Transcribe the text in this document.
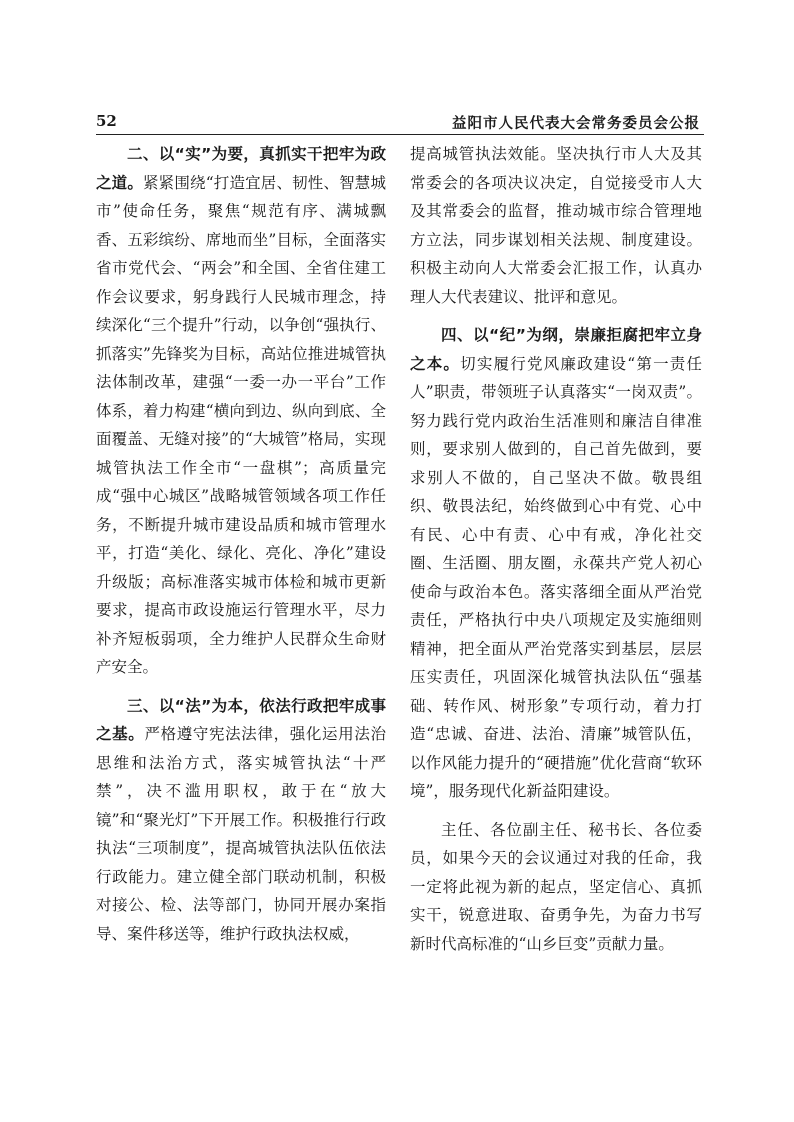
52	益阳市人民代表大会常务委员会公报

二、以“实”为要，真抓实干把牢为政之道。紧紧围绕“打造宜居、韧性、智慧城市”使命任务，聚焦“规范有序、满城飘香、五彩缤纷、席地而坐”目标，全面落实省市党代会、“两会”和全国、全省住建工作会议要求，躬身践行人民城市理念，持续深化“三个提升”行动，以争创“强执行、抓落实”先锋奖为目标，高站位推进城管执法体制改革，建强“一委一办一平台”工作体系，着力构建“横向到边、纵向到底、全面覆盖、无缝对接”的“大城管”格局，实现城管执法工作全市“一盘棋”；高质量完成“强中心城区”战略城管领域各项工作任务，不断提升城市建设品质和城市管理水平，打造“美化、绿化、亮化、净化”建设升级版；高标准落实城市体检和城市更新要求，提高市政设施运行管理水平，尽力补齐短板弱项，全力维护人民群众生命财产安全。

三、以“法”为本，依法行政把牢成事之基。严格遵守宪法法律，强化运用法治思维和法治方式，落实城管执法“十严禁”，决不滥用职权，敢于在“放大镜”和“聚光灯”下开展工作。积极推行行政执法“三项制度”，提高城管执法队伍依法行政能力。建立健全部门联动机制，积极对接公、检、法等部门，协同开展办案指导、案件移送等，维护行政执法权威，

提高城管执法效能。坚决执行市人大及其常委会的各项决议决定，自觉接受市人大及其常委会的监督，推动城市综合管理地方立法，同步谋划相关法规、制度建设。积极主动向人大常委会汇报工作，认真办理人大代表建议、批评和意见。

四、以“纪”为纲，崇廉拒腐把牢立身之本。切实履行党风廉政建设“第一责任人”职责，带领班子认真落实“一岗双责”。努力践行党内政治生活准则和廉洁自律准则，要求别人做到的，自己首先做到，要求别人不做的，自己坚决不做。敬畏组织、敬畏法纪，始终做到心中有党、心中有民、心中有责、心中有戒，净化社交圈、生活圈、朋友圈，永葆共产党人初心使命与政治本色。落实落细全面从严治党责任，严格执行中央八项规定及实施细则精神，把全面从严治党落实到基层，层层压实责任，巩固深化城管执法队伍“强基础、转作风、树形象”专项行动，着力打造“忠诚、奋进、法治、清廉”城管队伍，以作风能力提升的“硬措施”优化营商“软环境”，服务现代化新益阳建设。

主任、各位副主任、秘书长、各位委员，如果今天的会议通过对我的任命，我一定将此视为新的起点，坚定信心、真抓实干，锐意进取、奋勇争先，为奋力书写新时代高标准的“山乡巨变”贡献力量。
